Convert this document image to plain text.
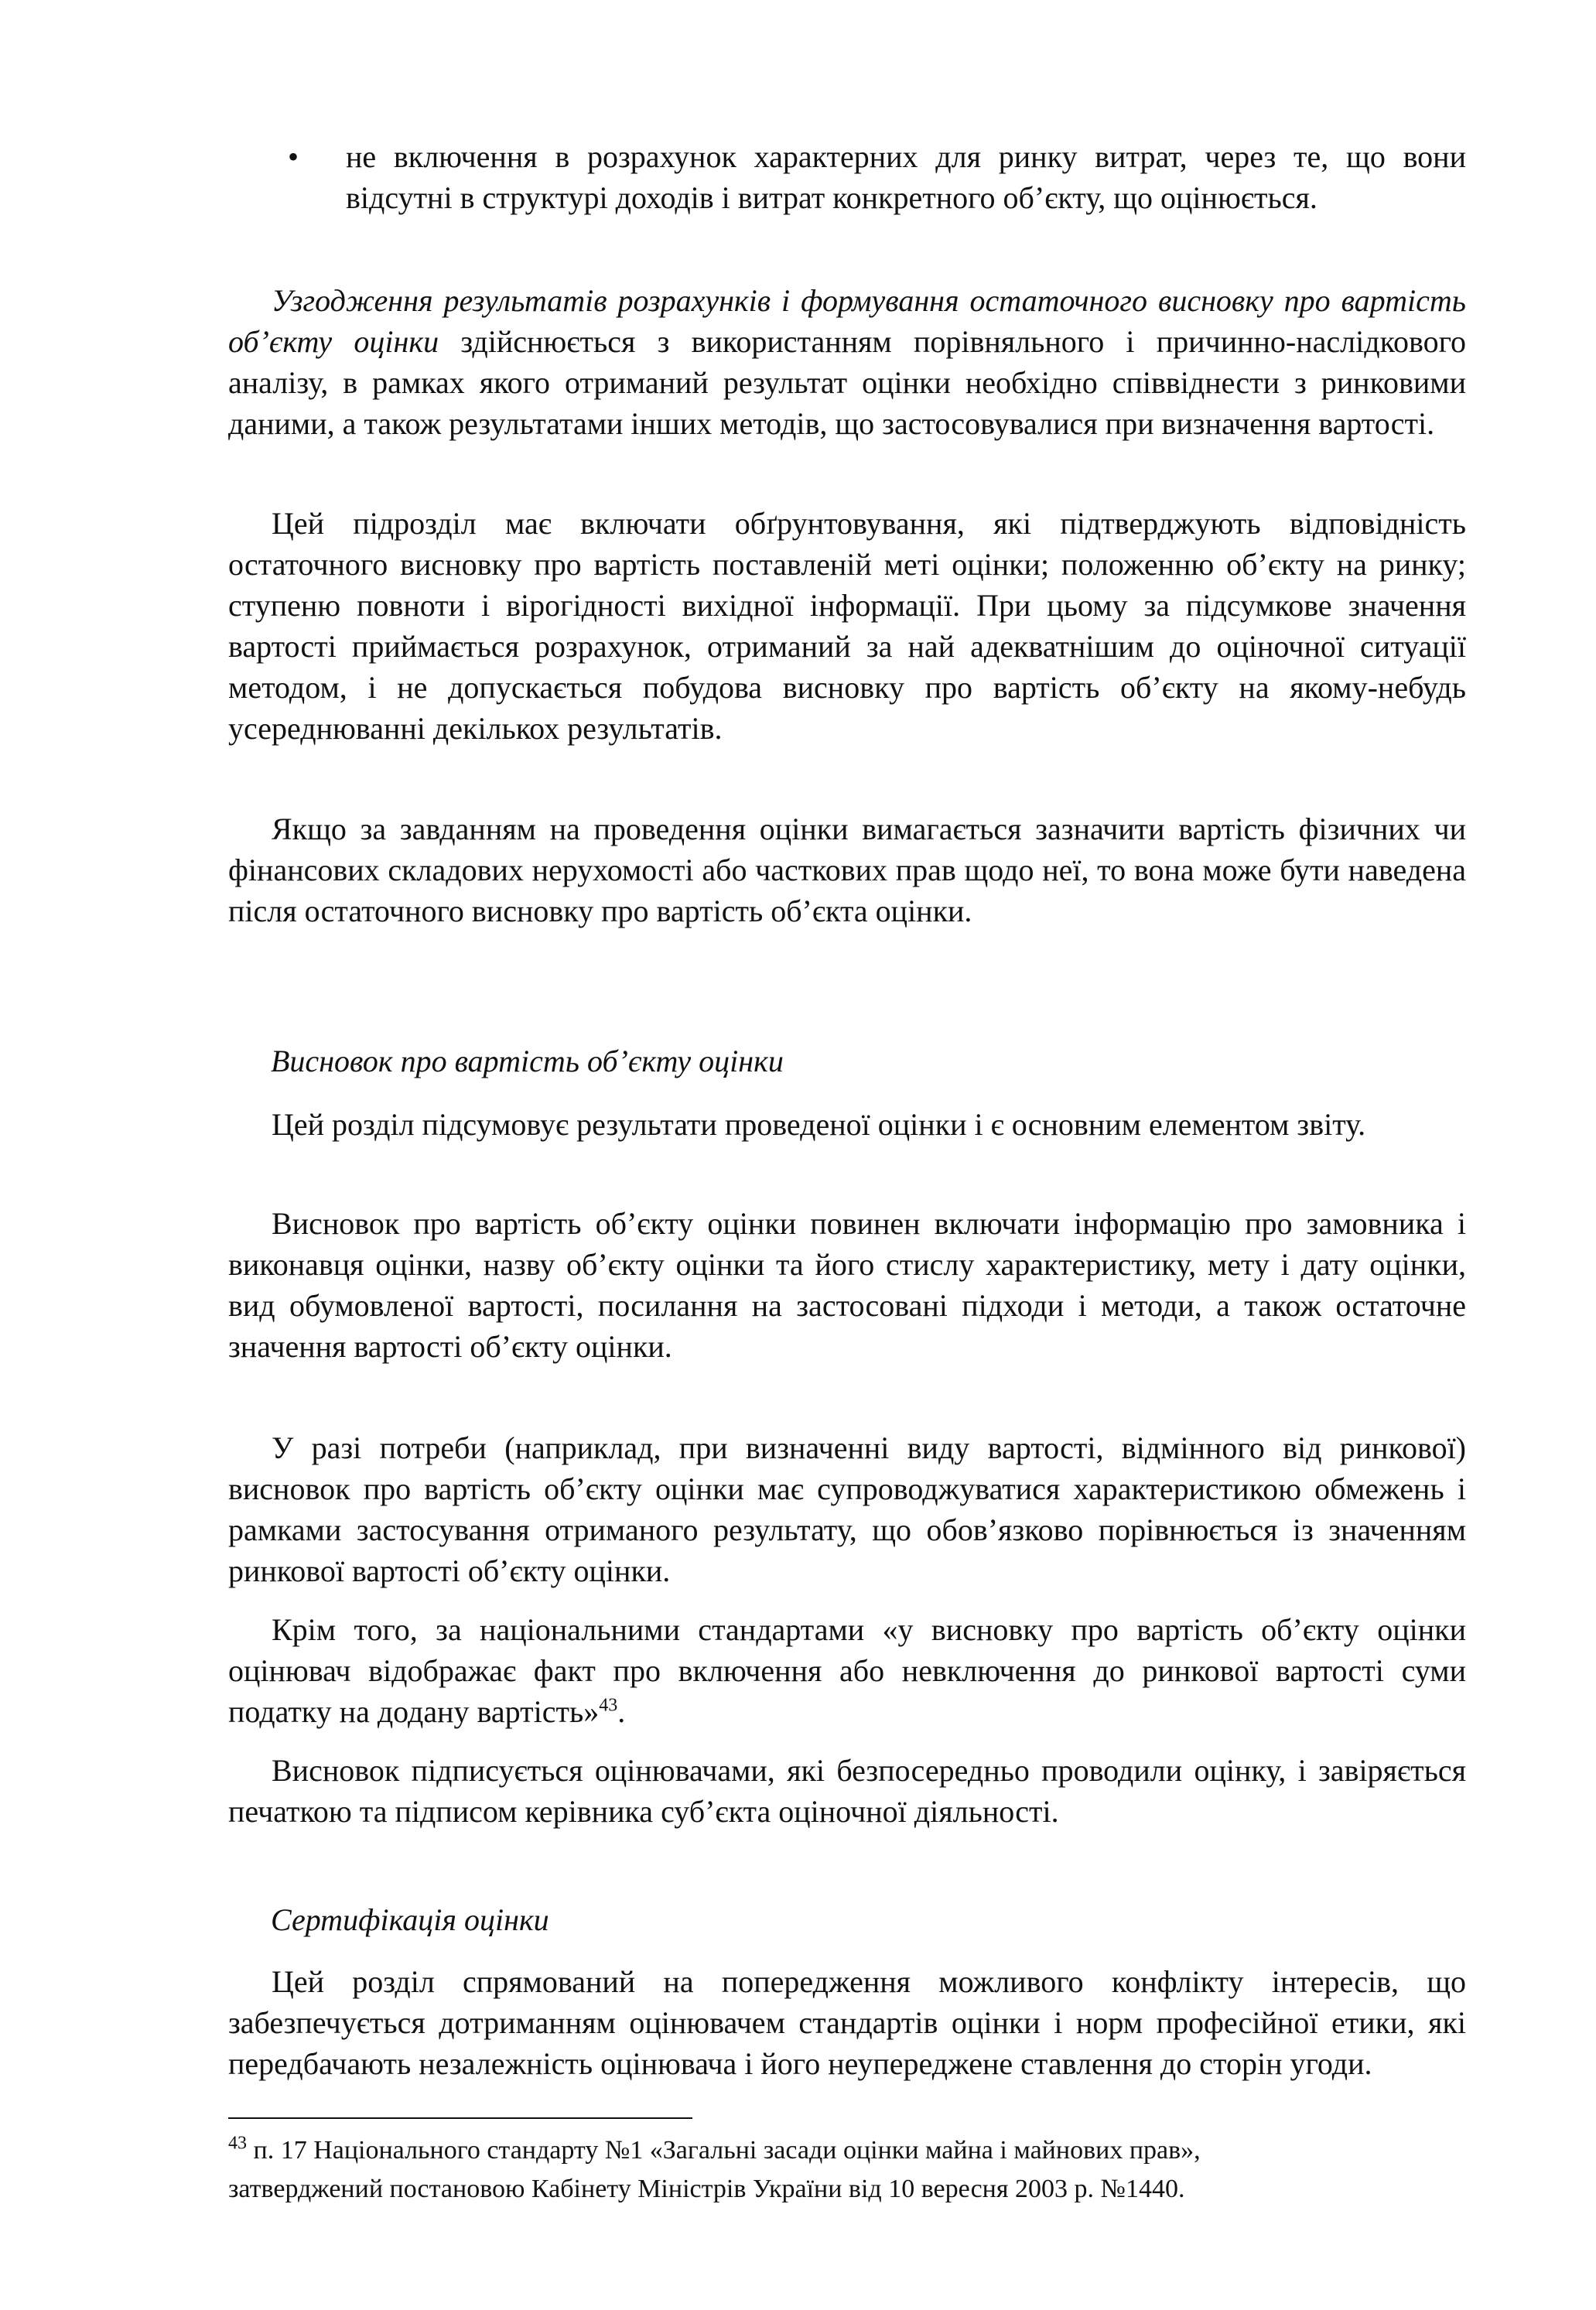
• не включення в розрахунок характерних для ринку витрат, через те, що вони відсутні в структурі доходів і витрат конкретного об’єкту, що оцінюється.

Узгодження результатів розрахунків і формування остаточного висновку про вартість об’єкту оцінки здійснюється з використанням порівняльного і причинно-наслідкового аналізу, в рамках якого отриманий результат оцінки необхідно співвіднести з ринковими даними, а також результатами інших методів, що застосовувалися при визначення вартості.

Цей підрозділ має включати обґрунтовування, які підтверджують відповідність остаточного висновку про вартість поставленій меті оцінки; положенню об’єкту на ринку; ступеню повноти і вірогідності вихідної інформації. При цьому за підсумкове значення вартості приймається розрахунок, отриманий за най адекватнішим до оціночної ситуації методом, і не допускається побудова висновку про вартість об’єкту на якому-небудь усереднюванні декількох результатів.

Якщо за завданням на проведення оцінки вимагається зазначити вартість фізичних чи фінансових складових нерухомості або часткових прав щодо неї, то вона може бути наведена після остаточного висновку про вартість об’єкта оцінки.

Висновок про вартість об’єкту оцінки

Цей розділ підсумовує результати проведеної оцінки і є основним елементом звіту.

Висновок про вартість об’єкту оцінки повинен включати інформацію про замовника і виконавця оцінки, назву об’єкту оцінки та його стислу характеристику, мету і дату оцінки, вид обумовленої вартості, посилання на застосовані підходи і методи, а також остаточне значення вартості об’єкту оцінки.

У разі потреби (наприклад, при визначенні виду вартості, відмінного від ринкової) висновок про вартість об’єкту оцінки має супроводжуватися характеристикою обмежень і рамками застосування отриманого результату, що обов’язково порівнюється із значенням ринкової вартості об’єкту оцінки.

Крім того, за національними стандартами «у висновку про вартість об’єкту оцінки оцінювач відображає факт про включення або невключення до ринкової вартості суми податку на додану вартість»$^{43}$.

Висновок підписується оцінювачами, які безпосередньо проводили оцінку, і завіряється печаткою та підписом керівника суб’єкта оціночної діяльності.

Сертифікація оцінки

Цей розділ спрямований на попередження можливого конфлікту інтересів, що забезпечується дотриманням оцінювачем стандартів оцінки і норм професійної етики, які передбачають незалежність оцінювача і його неупереджене ставлення до сторін угоди.

$^{43}$ п. 17 Національного стандарту №1 «Загальні засади оцінки майна і майнових прав»,
затверджений постановою Кабінету Міністрів України від 10 вересня 2003 р. №1440.
